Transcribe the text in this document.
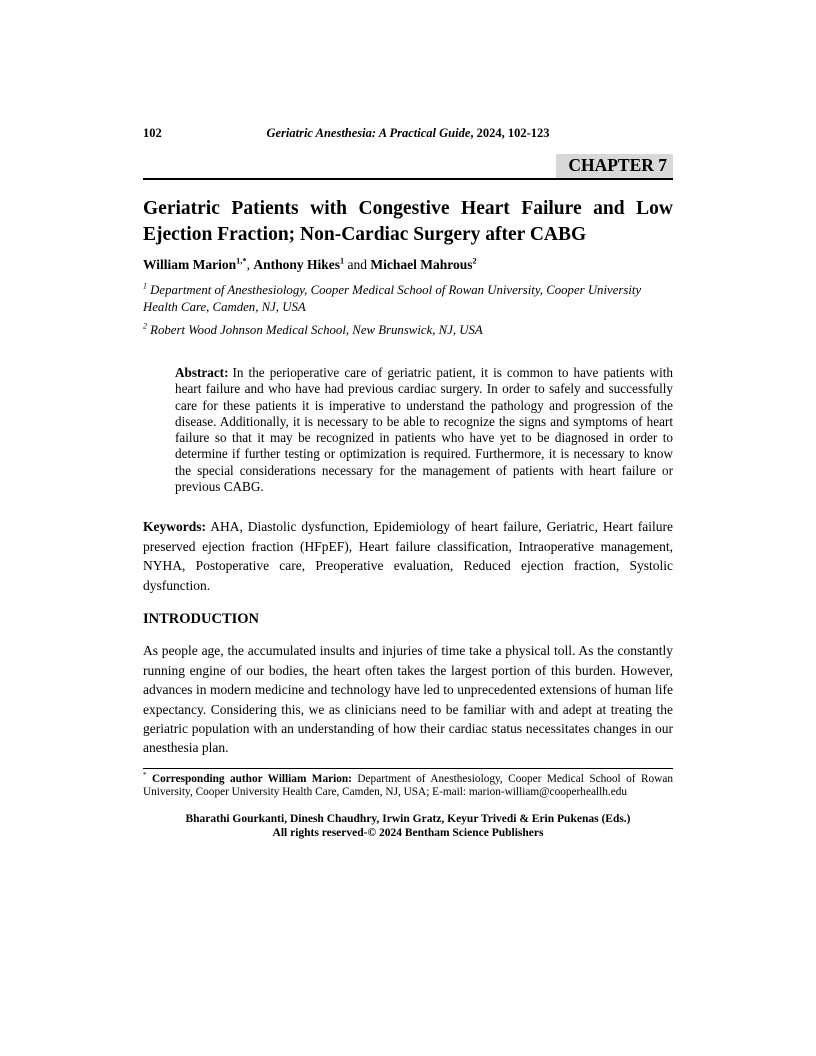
102	Geriatric Anesthesia: A Practical Guide, 2024, 102-123
CHAPTER 7
Geriatric Patients with Congestive Heart Failure and Low Ejection Fraction; Non-Cardiac Surgery after CABG
William Marion$^{1,*}$, Anthony Hikes$^1$ and Michael Mahrous$^2$
$^1$ Department of Anesthesiology, Cooper Medical School of Rowan University, Cooper University Health Care, Camden, NJ, USA
$^2$ Robert Wood Johnson Medical School, New Brunswick, NJ, USA
Abstract: In the perioperative care of geriatric patient, it is common to have patients with heart failure and who have had previous cardiac surgery. In order to safely and successfully care for these patients it is imperative to understand the pathology and progression of the disease. Additionally, it is necessary to be able to recognize the signs and symptoms of heart failure so that it may be recognized in patients who have yet to be diagnosed in order to determine if further testing or optimization is required. Furthermore, it is necessary to know the special considerations necessary for the management of patients with heart failure or previous CABG.
Keywords: AHA, Diastolic dysfunction, Epidemiology of heart failure, Geriatric, Heart failure preserved ejection fraction (HFpEF), Heart failure classification, Intraoperative management, NYHA, Postoperative care, Preoperative evaluation, Reduced ejection fraction, Systolic dysfunction.
INTRODUCTION
As people age, the accumulated insults and injuries of time take a physical toll. As the constantly running engine of our bodies, the heart often takes the largest portion of this burden. However, advances in modern medicine and technology have led to unprecedented extensions of human life expectancy. Considering this, we as clinicians need to be familiar with and adept at treating the geriatric population with an understanding of how their cardiac status necessitates changes in our anesthesia plan.
* Corresponding author William Marion: Department of Anesthesiology, Cooper Medical School of Rowan University, Cooper University Health Care, Camden, NJ, USA; E-mail: marion-william@cooperheallh.edu
Bharathi Gourkanti, Dinesh Chaudhry, Irwin Gratz, Keyur Trivedi & Erin Pukenas (Eds.)
All rights reserved-© 2024 Bentham Science Publishers
